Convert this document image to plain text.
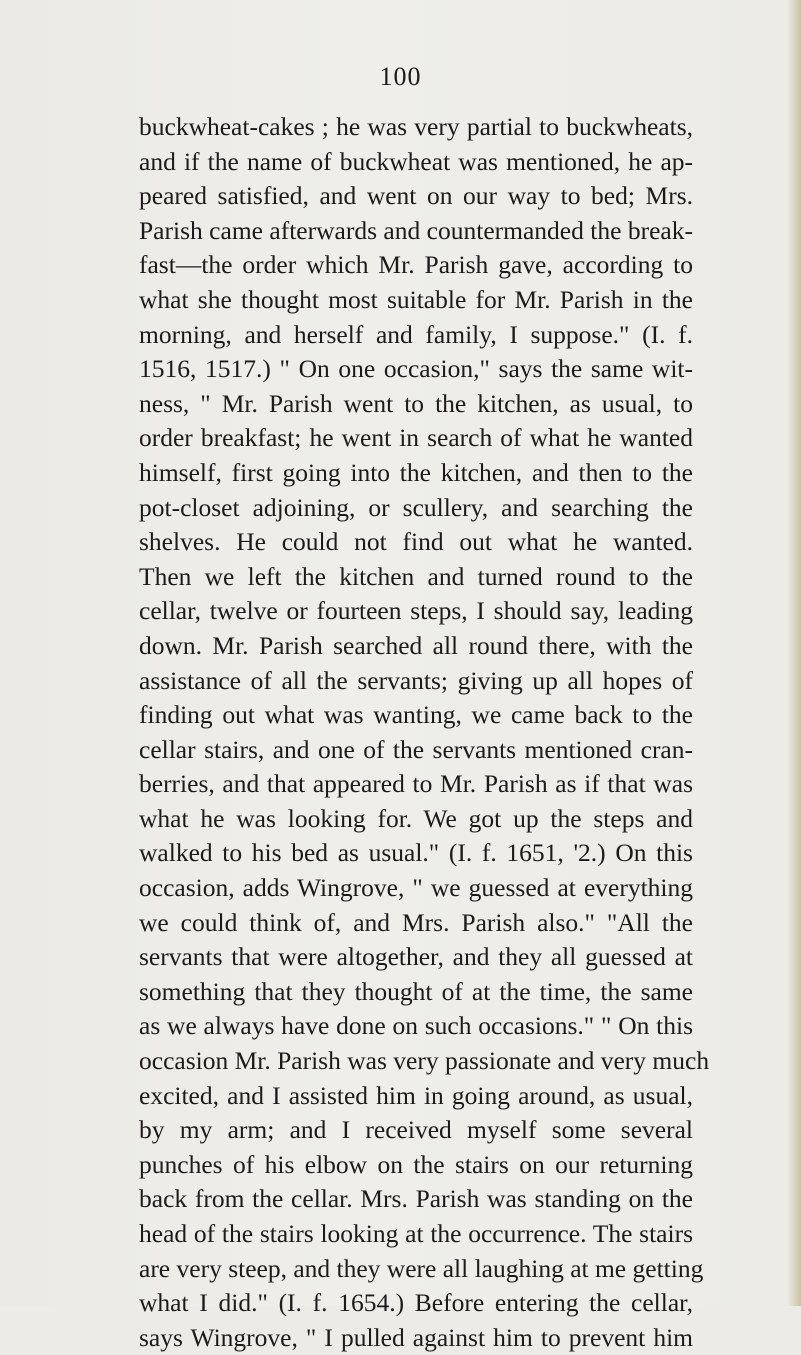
100
buckwheat-cakes ; he was very partial to buckwheats,
and if the name of buckwheat was mentioned, he ap-
peared satisfied, and went on our way to bed; Mrs.
Parish came afterwards and countermanded the break-
fast—the order which Mr. Parish gave, according to
what she thought most suitable for Mr. Parish in the
morning, and herself and family, I suppose." (I. f.
1516, 1517.) " On one occasion," says the same wit-
ness, " Mr. Parish went to the kitchen, as usual, to
order breakfast; he went in search of what he wanted
himself, first going into the kitchen, and then to the
pot-closet adjoining, or scullery, and searching the
shelves. He could not find out what he wanted.
Then we left the kitchen and turned round to the
cellar, twelve or fourteen steps, I should say, leading
down. Mr. Parish searched all round there, with the
assistance of all the servants; giving up all hopes of
finding out what was wanting, we came back to the
cellar stairs, and one of the servants mentioned cran-
berries, and that appeared to Mr. Parish as if that was
what he was looking for. We got up the steps and
walked to his bed as usual." (I. f. 1651, '2.) On this
occasion, adds Wingrove, " we guessed at everything
we could think of, and Mrs. Parish also." "All the
servants that were altogether, and they all guessed at
something that they thought of at the time, the same
as we always have done on such occasions." " On this
occasion Mr. Parish was very passionate and very much
excited, and I assisted him in going around, as usual,
by my arm; and I received myself some several
punches of his elbow on the stairs on our returning
back from the cellar. Mrs. Parish was standing on the
head of the stairs looking at the occurrence. The stairs
are very steep, and they were all laughing at me getting
what I did." (I. f. 1654.) Before entering the cellar,
says Wingrove, " I pulled against him to prevent him
